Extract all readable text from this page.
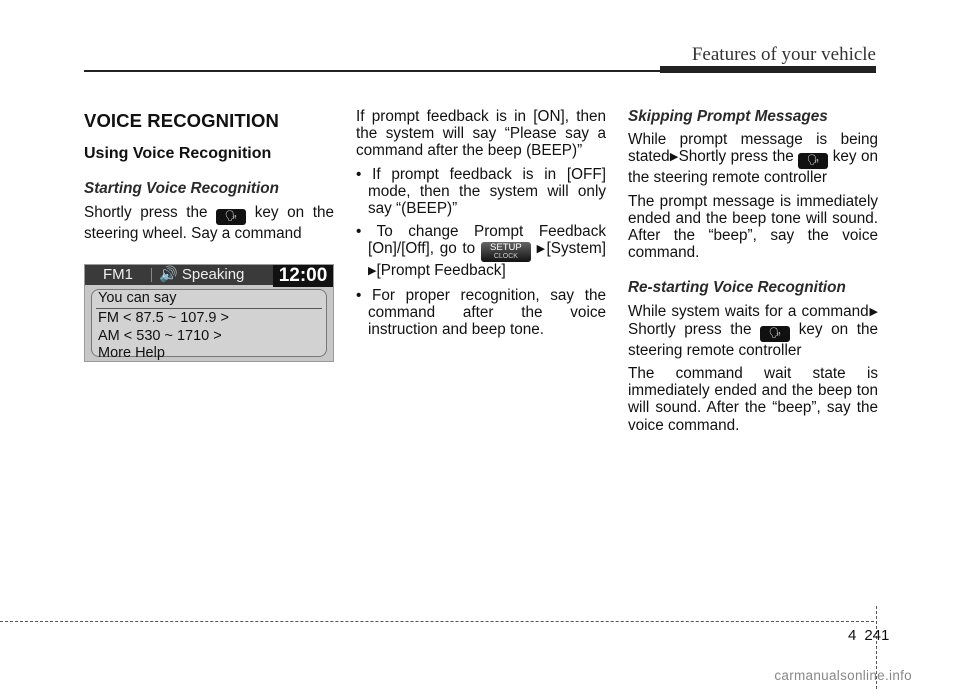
Features of your vehicle
VOICE RECOGNITION
Using Voice Recognition
Starting Voice Recognition

Shortly press the 🗣 key on the steering wheel. Say a command

FM1 🔊 Speaking 12:00
You can say
FM < 87.5 ~ 107.9 >
AM < 530 ~ 1710 >
More Help

If prompt feedback is in [ON], then the system will say “Please say a command after the beep (BEEP)”

• If prompt feedback is in [OFF] mode, then the system will only say “(BEEP)”

• To change Prompt Feedback [On]/[Off], go to	SETUP
CLOCK
▶[System] ▶[Prompt Feedback]

• For proper recognition, say the command after the voice instruction and beep tone.

Skipping Prompt Messages

While prompt message is being stated▶Shortly press the 🗣 key on the steering remote controller

The prompt message is immediately ended and the beep tone will sound. After the “beep”, say the voice command.

Re-starting Voice Recognition

While system waits for a command▶ Shortly press the 🗣 key on the steering remote controller

The command wait state is immediately ended and the beep ton will sound. After the “beep”, say the voice command.

4 241
carmanualsonline.info
